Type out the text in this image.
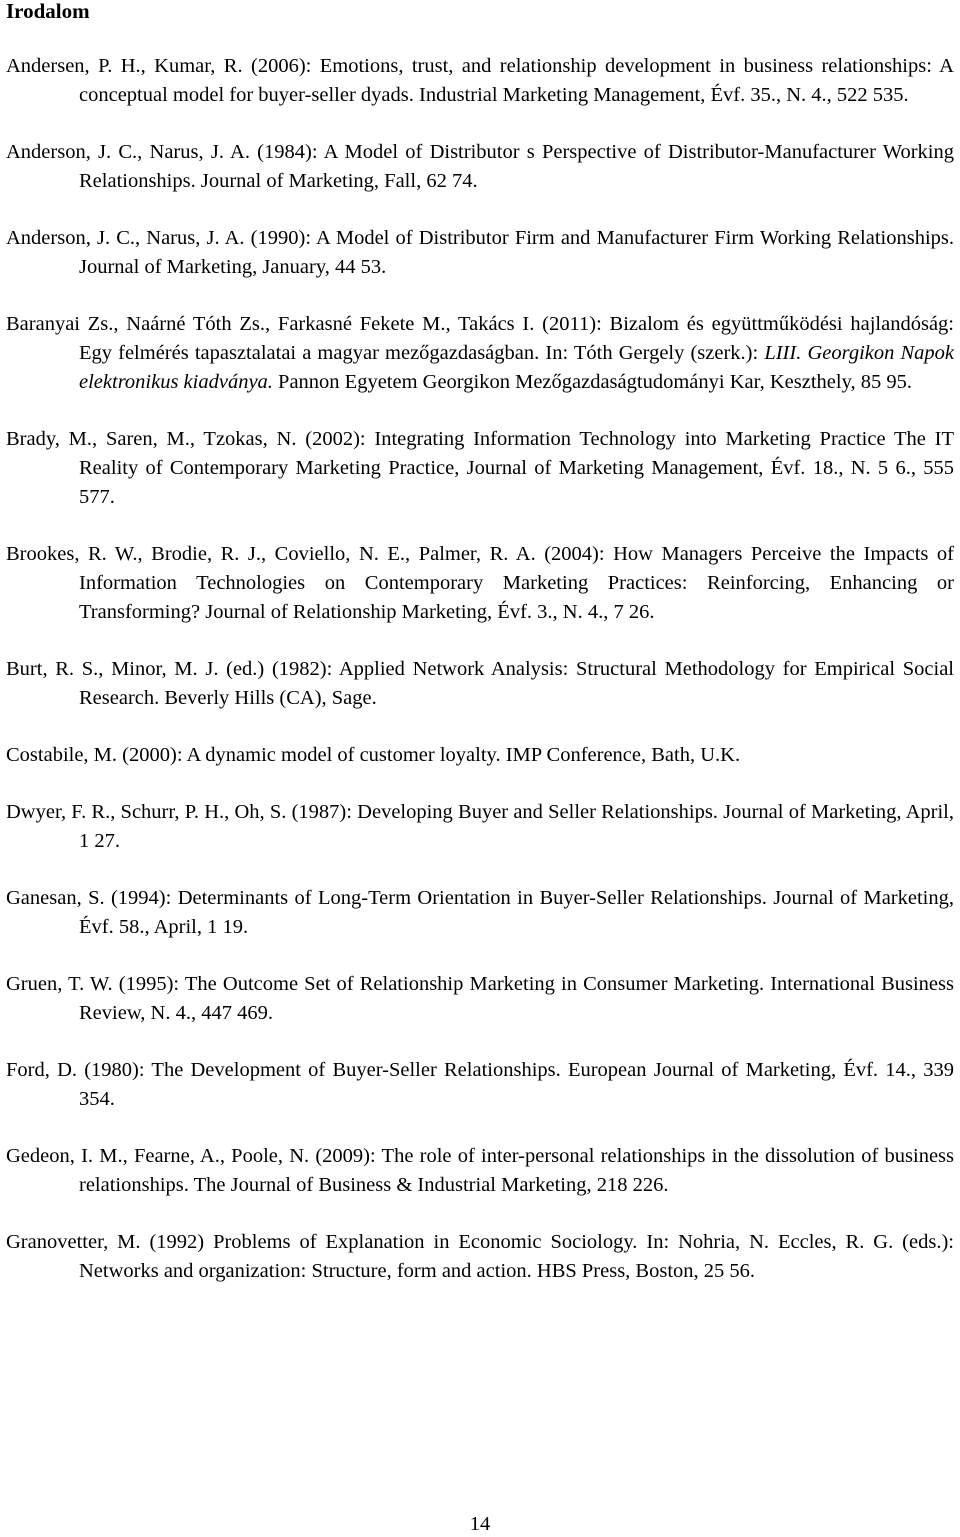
Irodalom
Andersen, P. H., Kumar, R. (2006): Emotions, trust, and relationship development in business relationships: A conceptual model for buyer-seller dyads. Industrial Marketing Management, Évf. 35., N. 4., 522 535.
Anderson, J. C., Narus, J. A. (1984): A Model of Distributor s Perspective of Distributor-Manufacturer Working Relationships. Journal of Marketing, Fall, 62 74.
Anderson, J. C., Narus, J. A. (1990): A Model of Distributor Firm and Manufacturer Firm Working Relationships. Journal of Marketing, January, 44 53.
Baranyai Zs., Naárné Tóth Zs., Farkasné Fekete M., Takács I. (2011): Bizalom és együttműködési hajlandóság: Egy felmérés tapasztalatai a magyar mezőgazdaságban. In: Tóth Gergely (szerk.): LIII. Georgikon Napok elektronikus kiadványa. Pannon Egyetem Georgikon Mezőgazdaságtudományi Kar, Keszthely, 85 95.
Brady, M., Saren, M., Tzokas, N. (2002): Integrating Information Technology into Marketing Practice The IT Reality of Contemporary Marketing Practice, Journal of Marketing Management, Évf. 18., N. 5 6., 555 577.
Brookes, R. W., Brodie, R. J., Coviello, N. E., Palmer, R. A. (2004): How Managers Perceive the Impacts of Information Technologies on Contemporary Marketing Practices: Reinforcing, Enhancing or Transforming? Journal of Relationship Marketing, Évf. 3., N. 4., 7 26.
Burt, R. S., Minor, M. J. (ed.) (1982): Applied Network Analysis: Structural Methodology for Empirical Social Research. Beverly Hills (CA), Sage.
Costabile, M. (2000): A dynamic model of customer loyalty. IMP Conference, Bath, U.K.
Dwyer, F. R., Schurr, P. H., Oh, S. (1987): Developing Buyer and Seller Relationships. Journal of Marketing, April, 1 27.
Ganesan, S. (1994): Determinants of Long-Term Orientation in Buyer-Seller Relationships. Journal of Marketing, Évf. 58., April, 1 19.
Gruen, T. W. (1995): The Outcome Set of Relationship Marketing in Consumer Marketing. International Business Review, N. 4., 447 469.
Ford, D. (1980): The Development of Buyer-Seller Relationships. European Journal of Marketing, Évf. 14., 339 354.
Gedeon, I. M., Fearne, A., Poole, N. (2009): The role of inter-personal relationships in the dissolution of business relationships. The Journal of Business & Industrial Marketing, 218 226.
Granovetter, M. (1992) Problems of Explanation in Economic Sociology. In: Nohria, N. Eccles, R. G. (eds.): Networks and organization: Structure, form and action. HBS Press, Boston, 25 56.
14
